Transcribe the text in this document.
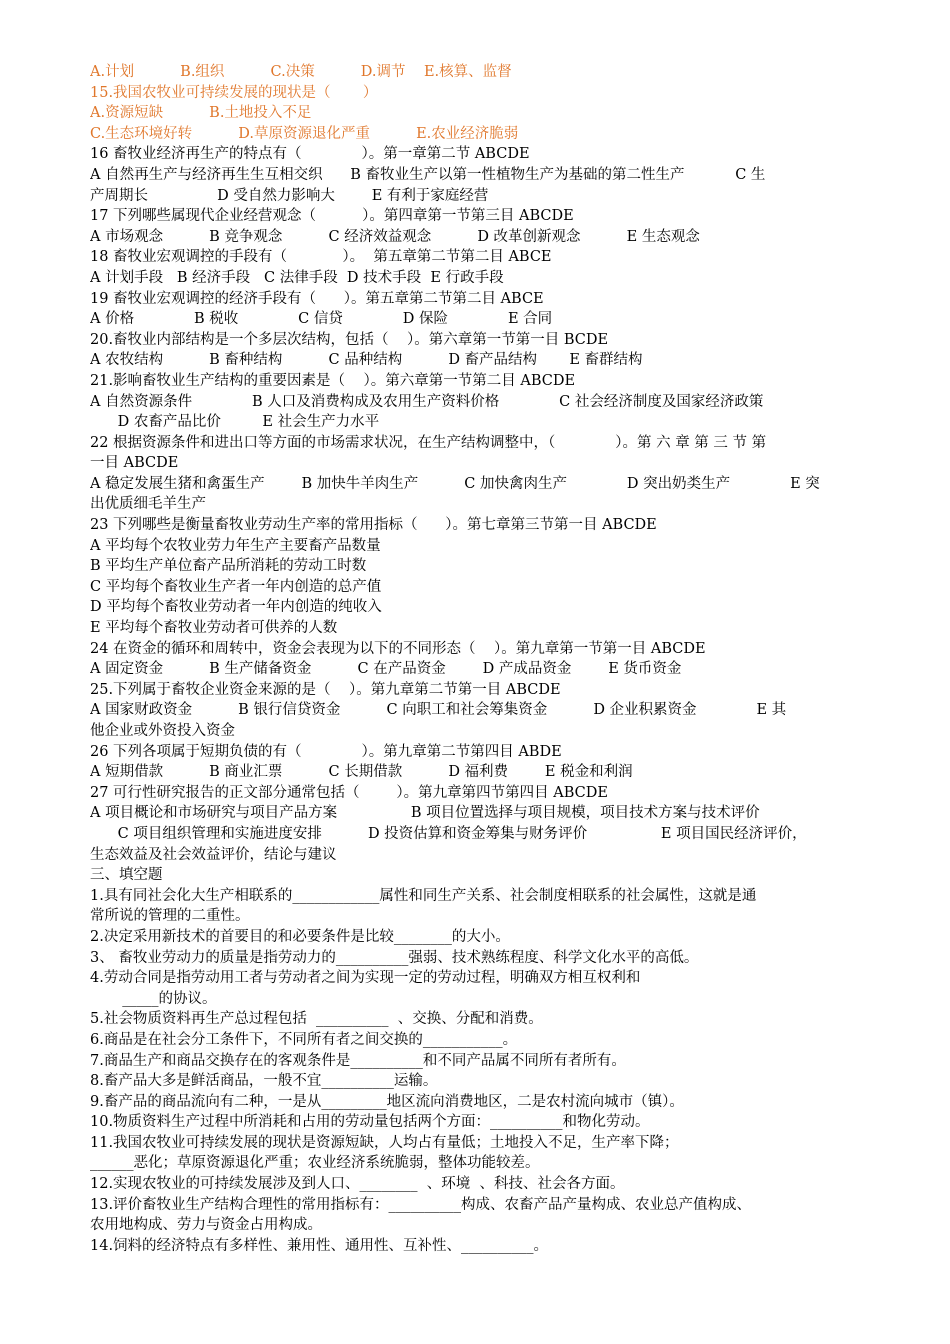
A.计划          B.组织          C.决策          D.调节    E.核算、监督
15.我国农牧业可持续发展的现状是（       ）
A.资源短缺          B.土地投入不足
C.生态环境好转          D.草原资源退化严重          E.农业经济脆弱
16 畜牧业经济再生产的特点有（             ）。第一章第二节 ABCDE
A 自然再生产与经济再生生互相交织      B 畜牧业生产以第一性植物生产为基础的第二性生产           C 生
产周期长               D 受自然力影响大        E 有利于家庭经营
17 下列哪些属现代企业经营观念（          ）。第四章第一节第三目 ABCDE
A 市场观念          B 竞争观念          C 经济效益观念          D 改革创新观念          E 生态观念
18 畜牧业宏观调控的手段有（            ）。  第五章第二节第二目 ABCE
A 计划手段   B 经济手段   C 法律手段  D 技术手段  E 行政手段
19 畜牧业宏观调控的经济手段有（      ）。第五章第二节第二目 ABCE
A 价格             B 税收             C 信贷             D 保险             E 合同
20.畜牧业内部结构是一个多层次结构，包括（    ）。第六章第一节第一目 BCDE
A 农牧结构          B 畜种结构          C 品种结构          D 畜产品结构       E 畜群结构
21.影响畜牧业生产结构的重要因素是（    ）。第六章第一节第二目 ABCDE
A 自然资源条件             B 人口及消费构成及农用生产资料价格             C 社会经济制度及国家经济政策
D 农畜产品比价         E 社会生产力水平
22 根据资源条件和进出口等方面的市场需求状况，在生产结构调整中，（             ）。第 六 章 第 三 节 第
一目 ABCDE
A 稳定发展生猪和禽蛋生产        B 加快牛羊肉生产          C 加快禽肉生产             D 突出奶类生产             E 突
出优质细毛羊生产
23 下列哪些是衡量畜牧业劳动生产率的常用指标（      ）。第七章第三节第一目 ABCDE
A 平均每个农牧业劳力年生产主要畜产品数量
B 平均生产单位畜产品所消耗的劳动工时数
C 平均每个畜牧业生产者一年内创造的总产值
D 平均每个畜牧业劳动者一年内创造的纯收入
E 平均每个畜牧业劳动者可供养的人数
24 在资金的循环和周转中，资金会表现为以下的不同形态（    ）。第九章第一节第一目 ABCDE
A 固定资金          B 生产储备资金          C 在产品资金        D 产成品资金        E 货币资金
25.下列属于畜牧企业资金来源的是（    ）。第九章第二节第一目 ABCDE
A 国家财政资金          B 银行信贷资金          C 向职工和社会筹集资金          D 企业积累资金             E 其
他企业或外资投入资金
26 下列各项属于短期负债的有（             ）。第九章第二节第四目 ABDE
A 短期借款          B 商业汇票          C 长期借款          D 福利费        E 税金和利润
27 可行性研究报告的正文部分通常包括（        ）。第九章第四节第四目 ABCDE
A 项目概论和市场研究与项目产品方案                B 项目位置选择与项目规模，项目技术方案与技术评价
C 项目组织管理和实施进度安排          D 投资估算和资金筹集与财务评价                E 项目国民经济评价，
生态效益及社会效益评价，结论与建议
三、填空题
1.具有同社会化大生产相联系的____________属性和同生产关系、社会制度相联系的社会属性，这就是通
常所说的管理的二重性。
2.决定采用新技术的首要目的和必要条件是比较________的大小。
3、 畜牧业劳动力的质量是指劳动力的__________强弱、技术熟练程度、科学文化水平的高低。
4.劳动合同是指劳动用工者与劳动者之间为实现一定的劳动过程，明确双方相互权利和
_____的协议。
5.社会物质资料再生产总过程包括  __________  、交换、分配和消费。
6.商品是在社会分工条件下，不同所有者之间交换的___________。
7.商品生产和商品交换存在的客观条件是__________和不同产品属不同所有者所有。
8.畜产品大多是鲜活商品，一般不宜__________运输。
9.畜产品的商品流向有二种，一是从_________地区流向消费地区，二是农村流向城市（镇）。
10.物质资料生产过程中所消耗和占用的劳动量包括两个方面：__________和物化劳动。
11.我国农牧业可持续发展的现状是资源短缺，人均占有量低；土地投入不足，生产率下降；
______恶化；草原资源退化严重；农业经济系统脆弱，整体功能较差。
12.实现农牧业的可持续发展涉及到人口、________  、环境  、科技、社会各方面。
13.评价畜牧业生产结构合理性的常用指标有：__________构成、农畜产品产量构成、农业总产值构成、
农用地构成、劳力与资金占用构成。
14.饲料的经济特点有多样性、兼用性、通用性、互补性、__________。
